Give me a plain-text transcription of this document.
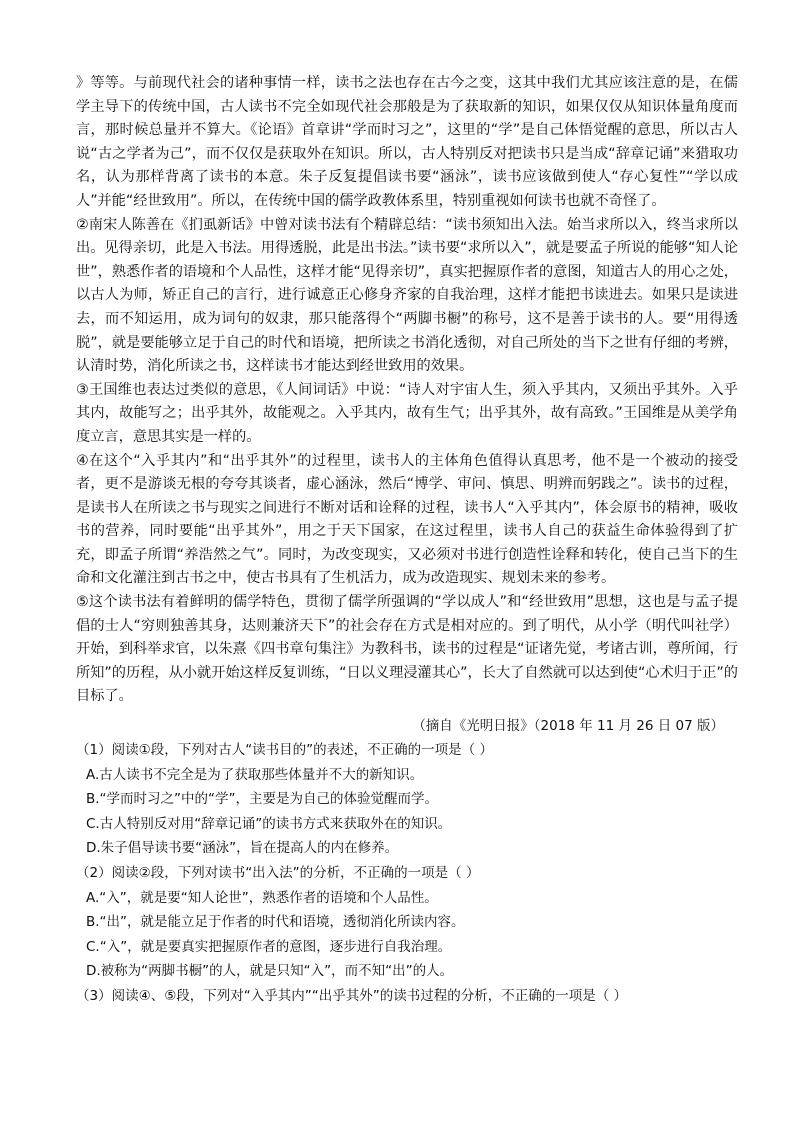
》等等。与前现代社会的诸种事情一样，读书之法也存在古今之变，这其中我们尤其应该注意的是，在儒学主导下的传统中国，古人读书不完全如现代社会那般是为了获取新的知识，如果仅仅从知识体量角度而言，那时候总量并不算大。《论语》首章讲“学而时习之”，这里的“学”是自己体悟觉醒的意思，所以古人说“古之学者为己”，而不仅仅是获取外在知识。所以，古人特别反对把读书只是当成“辞章记诵”来猎取功名，认为那样背离了读书的本意。朱子反复提倡读书要“涵泳”，读书应该做到使人“存心复性”“学以成人”并能“经世致用”。所以，在传统中国的儒学政教体系里，特别重视如何读书也就不奇怪了。

②南宋人陈善在《扪虱新话》中曾对读书法有个精辟总结：“读书须知出入法。始当求所以入，终当求所以出。见得亲切，此是入书法。用得透脱，此是出书法。”读书要“求所以入”，就是要孟子所说的能够“知人论世”，熟悉作者的语境和个人品性，这样才能“见得亲切”，真实把握原作者的意图，知道古人的用心之处，以古人为师，矫正自己的言行，进行诚意正心修身齐家的自我治理，这样才能把书读进去。如果只是读进去，而不知运用，成为词句的奴隶，那只能落得个“两脚书橱”的称号，这不是善于读书的人。要“用得透脱”，就是要能够立足于自己的时代和语境，把所读之书消化透彻，对自己所处的当下之世有仔细的考辨，认清时势，消化所读之书，这样读书才能达到经世致用的效果。

③王国维也表达过类似的意思，《人间词话》中说：“诗人对宇宙人生，须入乎其内，又须出乎其外。入乎其内，故能写之；出乎其外，故能观之。入乎其内，故有生气；出乎其外，故有高致。”王国维是从美学角度立言，意思其实是一样的。

④在这个“入乎其内”和“出乎其外”的过程里，读书人的主体角色值得认真思考，他不是一个被动的接受者，更不是游谈无根的夸夸其谈者，虚心涵泳，然后“博学、审问、慎思、明辨而躬践之”。读书的过程，是读书人在所读之书与现实之间进行不断对话和诠释的过程，读书人“入乎其内”，体会原书的精神，吸收书的营养，同时要能“出乎其外”，用之于天下国家，在这过程里，读书人自己的获益生命体验得到了扩充，即孟子所谓“养浩然之气”。同时，为改变现实，又必须对书进行创造性诠释和转化，使自己当下的生命和文化灌注到古书之中，使古书具有了生机活力，成为改造现实、规划未来的参考。

⑤这个读书法有着鲜明的儒学特色，贯彻了儒学所强调的“学以成人”和“经世致用”思想，这也是与孟子提倡的士人“穷则独善其身，达则兼济天下”的社会存在方式是相对应的。到了明代，从小学（明代叫社学）开始，到科举求官，以朱熹《四书章句集注》为教科书，读书的过程是“证诸先觉，考诸古训，尊所闻，行所知”的历程，从小就开始这样反复训练，“日以义理浸灌其心”，长大了自然就可以达到使“心术归于正”的目标了。

（摘自《光明日报》（2018 年 11 月 26 日 07 版）

（1）阅读①段，下列对古人“读书目的”的表述，不正确的一项是（ ）

A.古人读书不完全是为了获取那些体量并不大的新知识。

B.“学而时习之”中的“学”，主要是为自己的体验觉醒而学。

C.古人特别反对用“辞章记诵”的读书方式来获取外在的知识。

D.朱子倡导读书要“涵泳”，旨在提高人的内在修养。

（2）阅读②段，下列对读书“出入法”的分析，不正确的一项是（ ）

A.“入”，就是要“知人论世”，熟悉作者的语境和个人品性。

B.“出”，就是能立足于作者的时代和语境，透彻消化所读内容。

C.“入”，就是要真实把握原作者的意图，逐步进行自我治理。

D.被称为“两脚书橱”的人，就是只知“入”，而不知“出”的人。

（3）阅读④、⑤段，下列对“入乎其内”“出乎其外”的读书过程的分析，不正确的一项是（ ）
